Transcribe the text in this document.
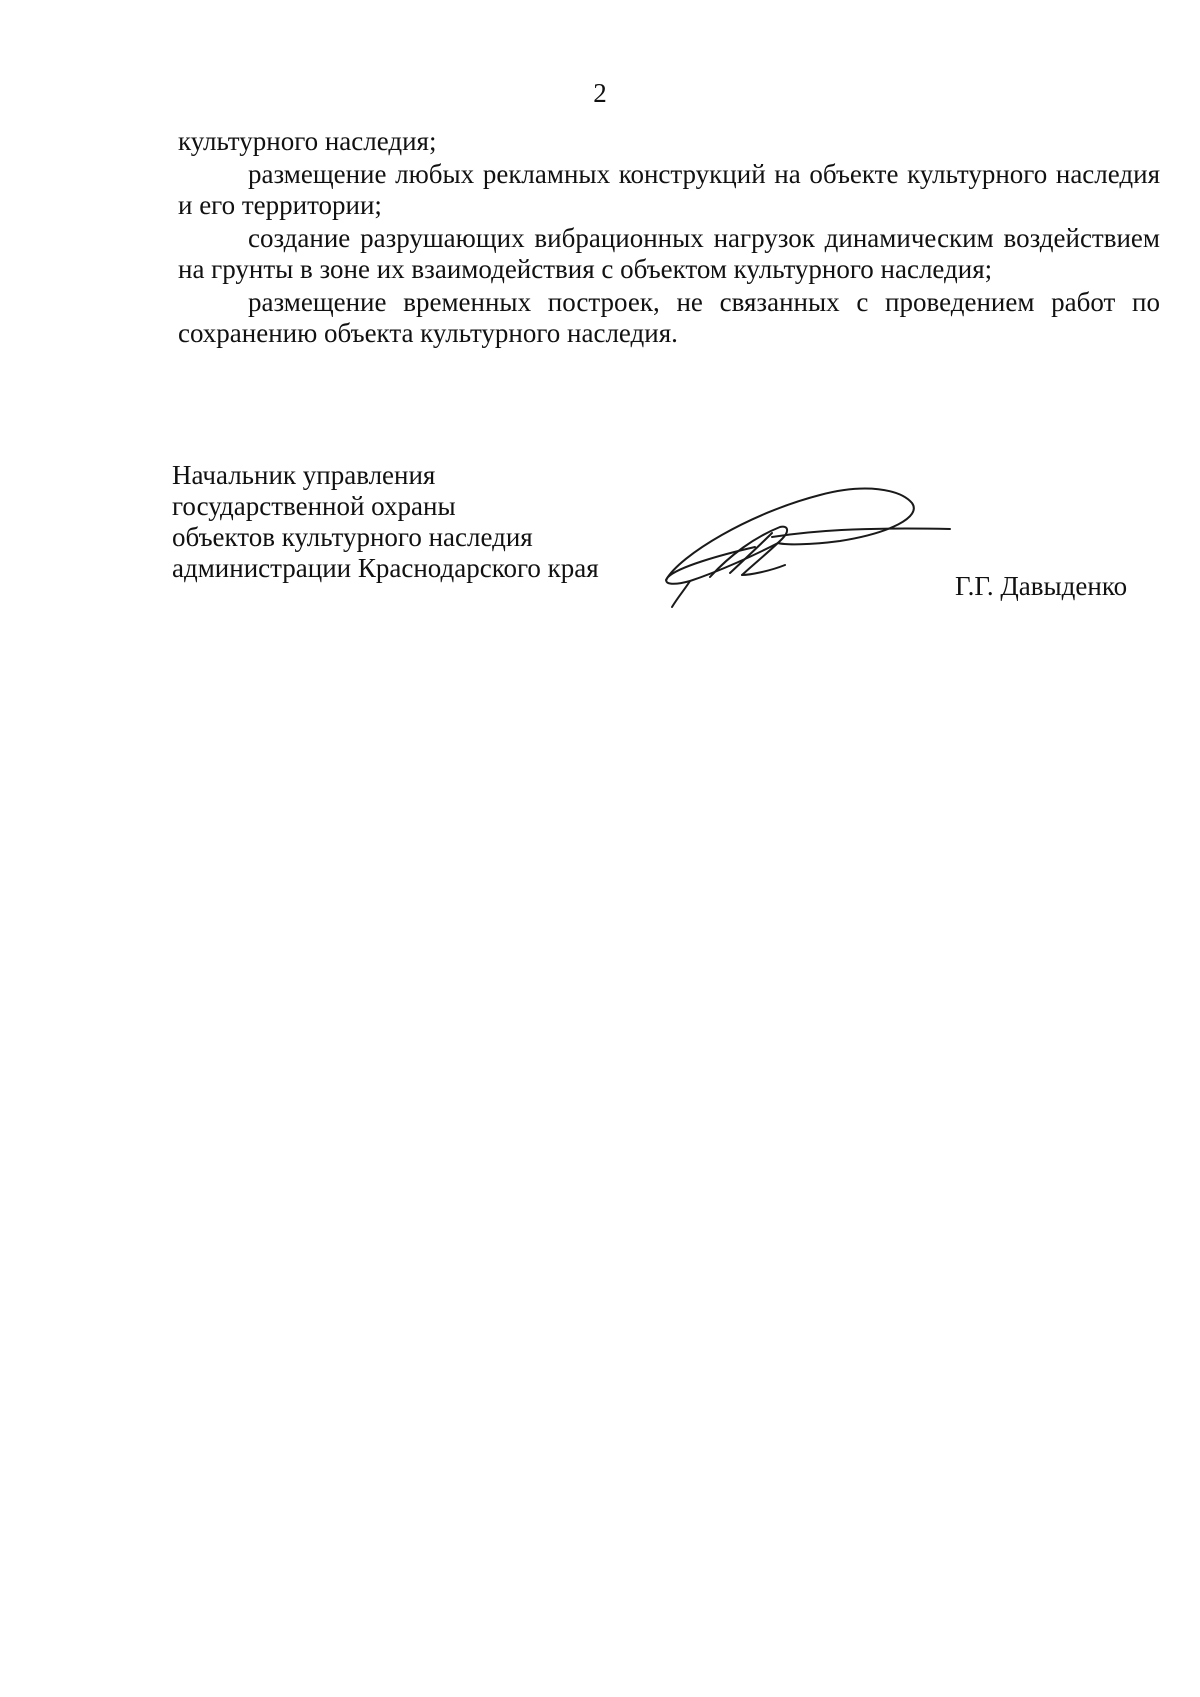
2

культурного наследия;

размещение любых рекламных конструкций на объекте культурного наследия и его территории;

создание разрушающих вибрационных нагрузок динамическим воздействием на грунты в зоне их взаимодействия с объектом культурного наследия;

размещение временных построек, не связанных с проведением работ по сохранению объекта культурного наследия.

Начальник управления
государственной охраны
объектов культурного наследия
администрации Краснодарского края
Г.Г. Давыденко
